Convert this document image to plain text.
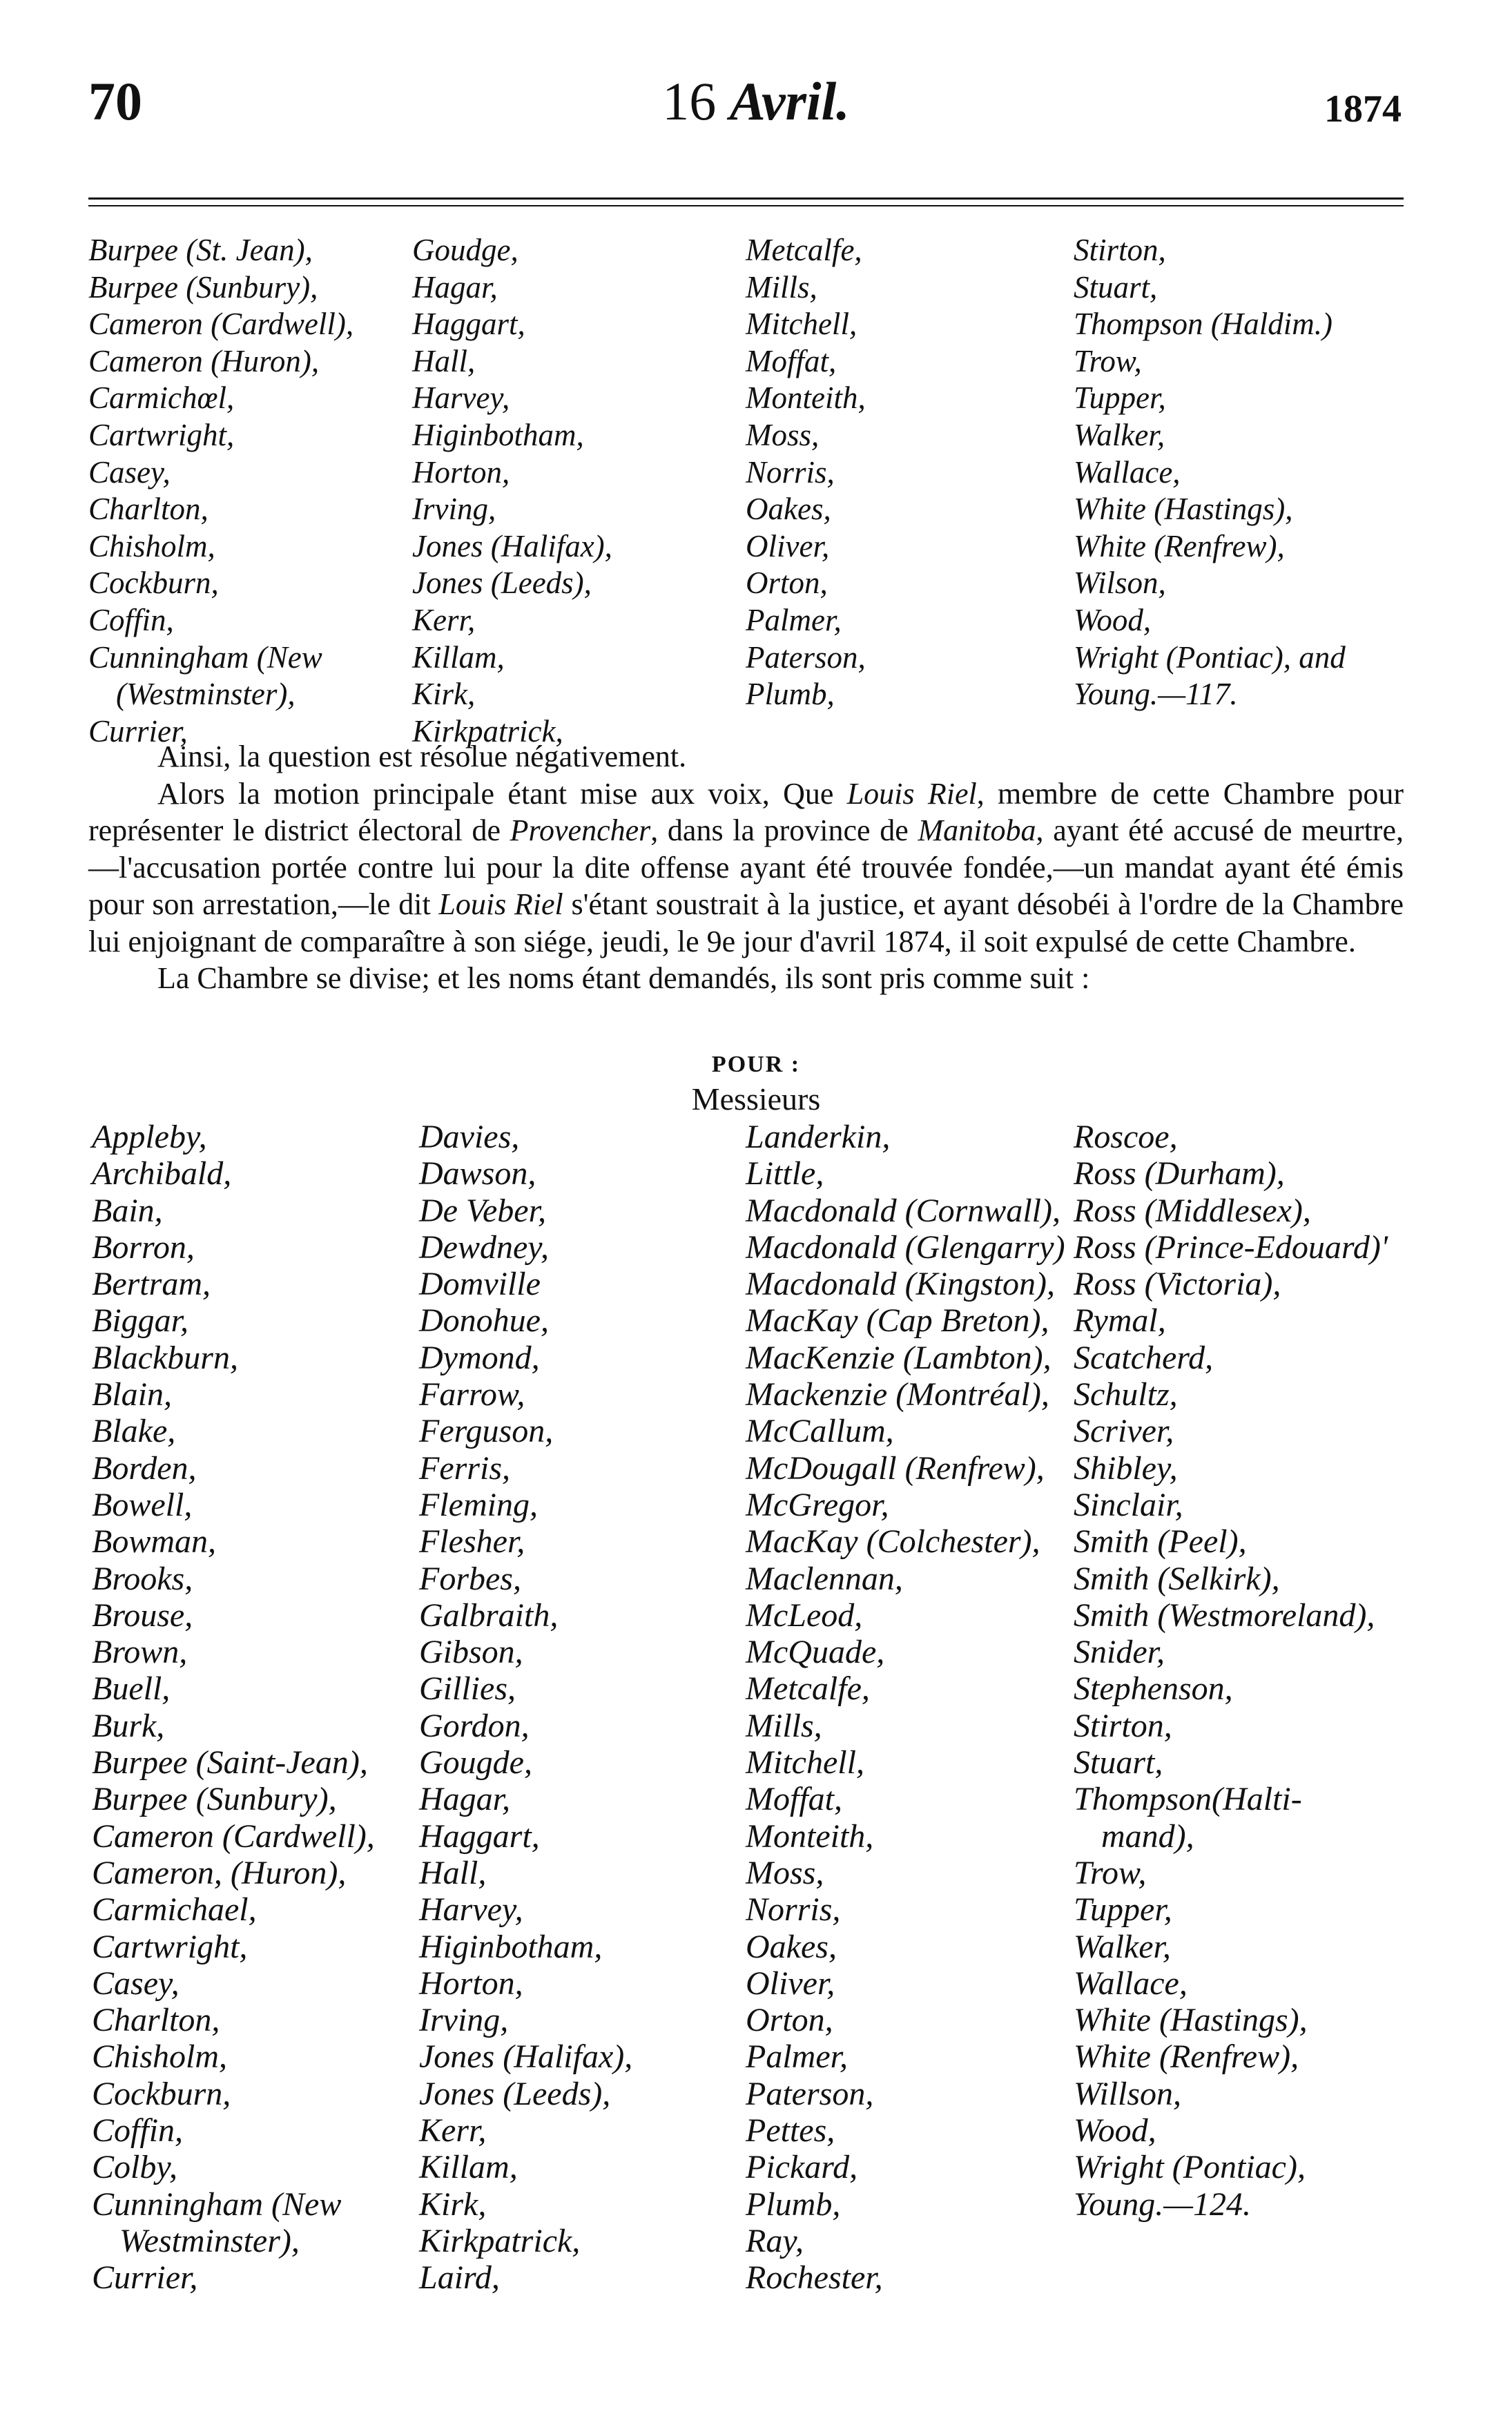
70	16 Avril.	1874
Burpee (St. Jean),
Burpee (Sunbury),
Cameron (Cardwell),
Cameron (Huron),
Carmichœl,
Cartwright,
Casey,
Charlton,
Chisholm,
Cockburn,
Coffin,
Cunningham (New
(Westminster),
Currier,
Goudge,
Hagar,
Haggart,
Hall,
Harvey,
Higinbotham,
Horton,
Irving,
Jones (Halifax),
Jones (Leeds),
Kerr,
Killam,
Kirk,
Kirkpatrick,
Metcalfe,
Mills,
Mitchell,
Moffat,
Monteith,
Moss,
Norris,
Oakes,
Oliver,
Orton,
Palmer,
Paterson,
Plumb,
Stirton,
Stuart,
Thompson (Haldim.)
Trow,
Tupper,
Walker,
Wallace,
White (Hastings),
White (Renfrew),
Wilson,
Wood,
Wright (Pontiac), and
Young.—117.

Ainsi, la question est résolue négativement.

Alors la motion principale étant mise aux voix, Que Louis Riel, membre de cette Chambre pour représenter le district électoral de Provencher, dans la province de Manitoba, ayant été accusé de meurtre,—l'accusation portée contre lui pour la dite offense ayant été trouvée fondée,—un mandat ayant été émis pour son arrestation,—le dit Louis Riel s'étant soustrait à la justice, et ayant désobéi à l'ordre de la Chambre lui enjoignant de comparaître à son siége, jeudi, le 9e jour d'avril 1874, il soit expulsé de cette Chambre.

La Chambre se divise; et les noms étant demandés, ils sont pris comme suit :

POUR :
Messieurs
Appleby,
Archibald,
Bain,
Borron,
Bertram,
Biggar,
Blackburn,
Blain,
Blake,
Borden,
Bowell,
Bowman,
Brooks,
Brouse,
Brown,
Buell,
Burk,
Burpee (Saint-Jean),
Burpee (Sunbury),
Cameron (Cardwell),
Cameron, (Huron),
Carmichael,
Cartwright,
Casey,
Charlton,
Chisholm,
Cockburn,
Coffin,
Colby,
Cunningham (New
Westminster),
Currier,
Davies,
Dawson,
De Veber,
Dewdney,
Domville
Donohue,
Dymond,
Farrow,
Ferguson,
Ferris,
Fleming,
Flesher,
Forbes,
Galbraith,
Gibson,
Gillies,
Gordon,
Gougde,
Hagar,
Haggart,
Hall,
Harvey,
Higinbotham,
Horton,
Irving,
Jones (Halifax),
Jones (Leeds),
Kerr,
Killam,
Kirk,
Kirkpatrick,
Laird,
Landerkin,
Little,
Macdonald (Cornwall),
Macdonald (Glengarry)
Macdonald (Kingston),
MacKay (Cap Breton),
MacKenzie (Lambton),
Mackenzie (Montréal),
McCallum,
McDougall (Renfrew),
McGregor,
MacKay (Colchester),
Maclennan,
McLeod,
McQuade,
Metcalfe,
Mills,
Mitchell,
Moffat,
Monteith,
Moss,
Norris,
Oakes,
Oliver,
Orton,
Palmer,
Paterson,
Pettes,
Pickard,
Plumb,
Ray,
Rochester,
Roscoe,
Ross (Durham),
Ross (Middlesex),
Ross (Prince-Edouard)'
Ross (Victoria),
Rymal,
Scatcherd,
Schultz,
Scriver,
Shibley,
Sinclair,
Smith (Peel),
Smith (Selkirk),
Smith (Westmoreland),
Snider,
Stephenson,
Stirton,
Stuart,
Thompson(Halti-
mand),
Trow,
Tupper,
Walker,
Wallace,
White (Hastings),
White (Renfrew),
Willson,
Wood,
Wright (Pontiac),
Young.—124.
